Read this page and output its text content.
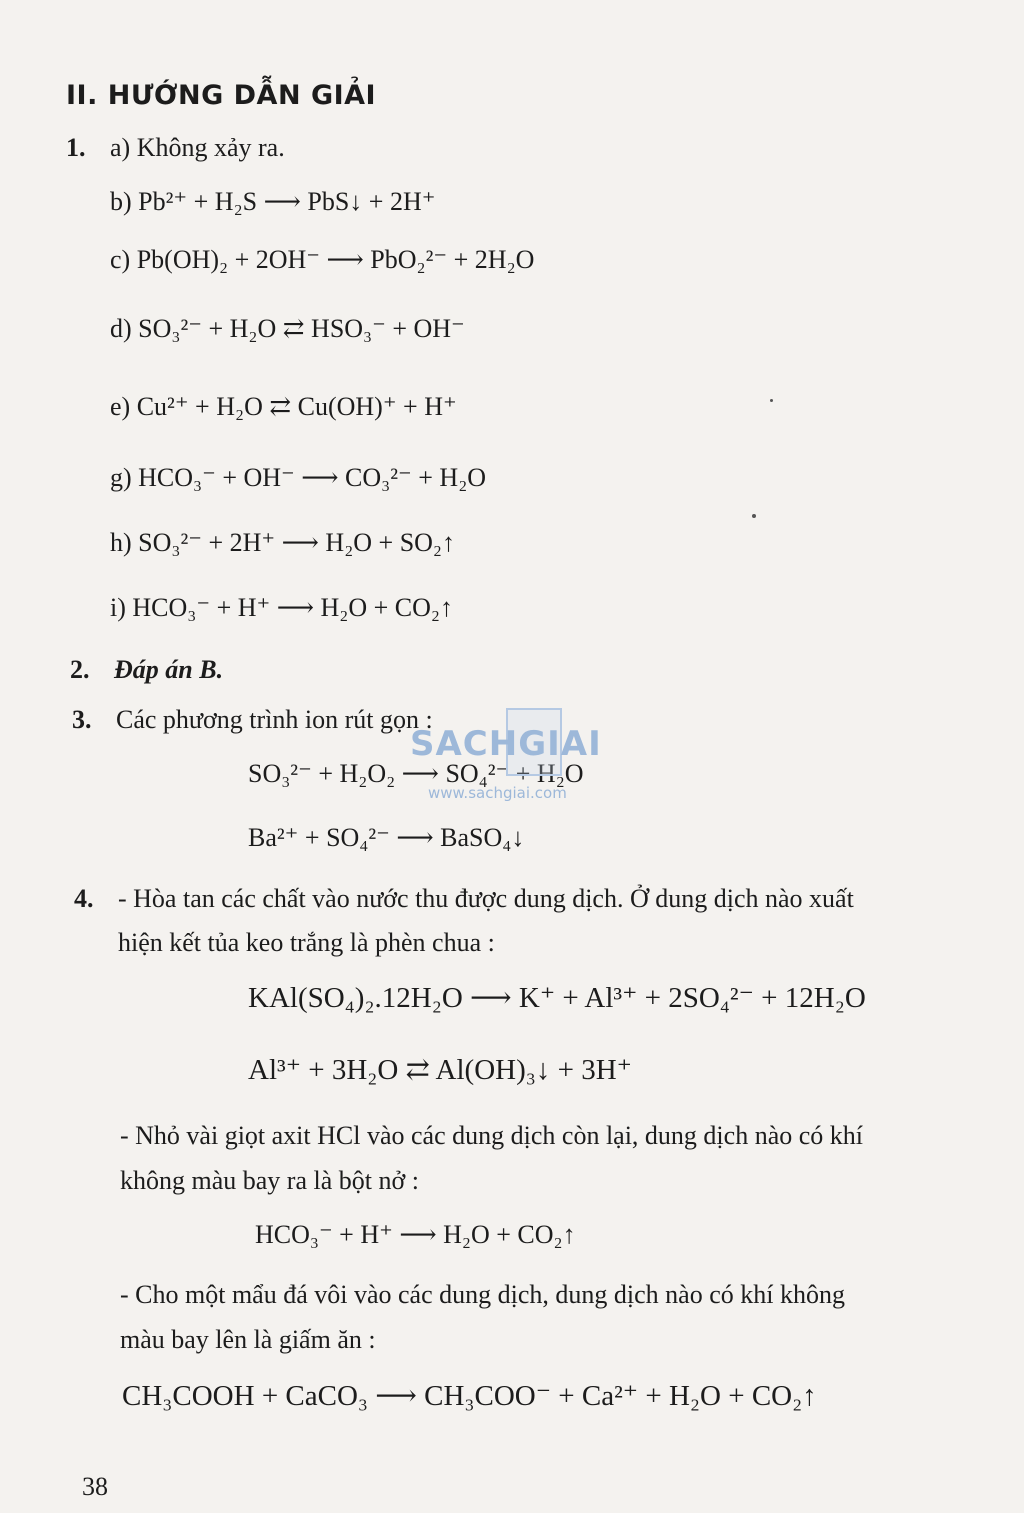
II. HƯỚNG DẪN GIẢI
1. a) Không xảy ra.
b) Pb²⁺ + H₂S ⟶ PbS↓ + 2H⁺
c) Pb(OH)₂ + 2OH⁻ ⟶ PbO₂²⁻ + 2H₂O
d) SO₃²⁻ + H₂O ⇄ HSO₃⁻ + OH⁻
e) Cu²⁺ + H₂O ⇄ Cu(OH)⁺ + H⁺
g) HCO₃⁻ + OH⁻ ⟶ CO₃²⁻ + H₂O
h) SO₃²⁻ + 2H⁺ ⟶ H₂O + SO₂↑
i) HCO₃⁻ + H⁺ ⟶ H₂O + CO₂↑
2. Đáp án B.
3. Các phương trình ion rút gọn :
SO₃²⁻ + H₂O₂ ⟶ SO₄²⁻ + H₂O
Ba²⁺ + SO₄²⁻ ⟶ BaSO₄↓
SACHGIAI
www.sachgiai.com
4. - Hòa tan các chất vào nước thu được dung dịch. Ở dung dịch nào xuất
hiện kết tủa keo trắng là phèn chua :
KAl(SO₄)₂.12H₂O ⟶ K⁺ + Al³⁺ + 2SO₄²⁻ + 12H₂O
Al³⁺ + 3H₂O ⇄ Al(OH)₃↓ + 3H⁺
- Nhỏ vài giọt axit HCl vào các dung dịch còn lại, dung dịch nào có khí
không màu bay ra là bột nở :
HCO₃⁻ + H⁺ ⟶ H₂O + CO₂↑
- Cho một mẩu đá vôi vào các dung dịch, dung dịch nào có khí không
màu bay lên là giấm ăn :
CH₃COOH + CaCO₃ ⟶ CH₃COO⁻ + Ca²⁺ + H₂O + CO₂↑
38
